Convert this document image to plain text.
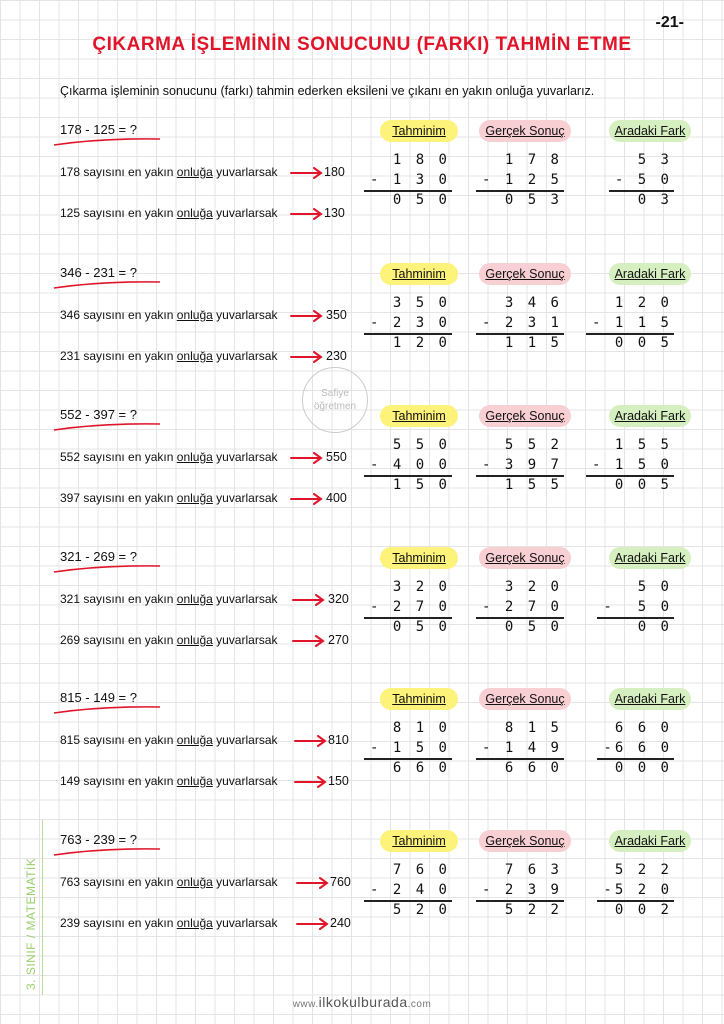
-21-
ÇIKARMA İŞLEMİNİN SONUCUNU (FARKI) TAHMİN ETME
Çıkarma işleminin sonucunu (farkı) tahmin ederken eksileni ve çıkanı en yakın onluğa yuvarlarız.
Safiye
öğretmen
178 - 125 = ?	Tahminim	Gerçek Sonuç	Aradaki Fark
178 sayısını en yakın onluğa yuvarlarsak	180
125 sayısını en yakın onluğa yuvarlarsak	130
1 8 0
- 1 3 0
0 5 0
1 7 8
- 1 2 5
0 5 3
5 3
- 5 0
0 3
346 - 231 = ?	Tahminim	Gerçek Sonuç	Aradaki Fark
346 sayısını en yakın onluğa yuvarlarsak	350
231 sayısını en yakın onluğa yuvarlarsak	230
3 5 0
- 2 3 0
1 2 0
3 4 6
- 2 3 1
1 1 5
1 2 0
- 1 1 5
0 0 5
552 - 397 = ?	Tahminim	Gerçek Sonuç	Aradaki Fark
552 sayısını en yakın onluğa yuvarlarsak	550
397 sayısını en yakın onluğa yuvarlarsak	400
5 5 0
- 4 0 0
1 5 0
5 5 2
- 3 9 7
1 5 5
1 5 5
- 1 5 0
0 0 5
321 - 269 = ?	Tahminim	Gerçek Sonuç	Aradaki Fark
321 sayısını en yakın onluğa yuvarlarsak	320
269 sayısını en yakın onluğa yuvarlarsak	270
3 2 0
- 2 7 0
0 5 0
3 2 0
- 2 7 0
0 5 0
5 0
-  5 0
0 0
815 - 149 = ?	Tahminim	Gerçek Sonuç	Aradaki Fark
815 sayısını en yakın onluğa yuvarlarsak	810
149 sayısını en yakın onluğa yuvarlarsak	150
8 1 0
- 1 5 0
6 6 0
8 1 5
- 1 4 9
6 6 0
6 6 0
-6 6 0
0 0 0
763 - 239 = ?	Tahminim	Gerçek Sonuç	Aradaki Fark
763 sayısını en yakın onluğa yuvarlarsak	760
239 sayısını en yakın onluğa yuvarlarsak	240
7 6 0
- 2 4 0
5 2 0
7 6 3
- 2 3 9
5 2 2
5 2 2
-5 2 0
0 0 2
3. SINIF / MATEMATİK
www.ilkokulburada.com
